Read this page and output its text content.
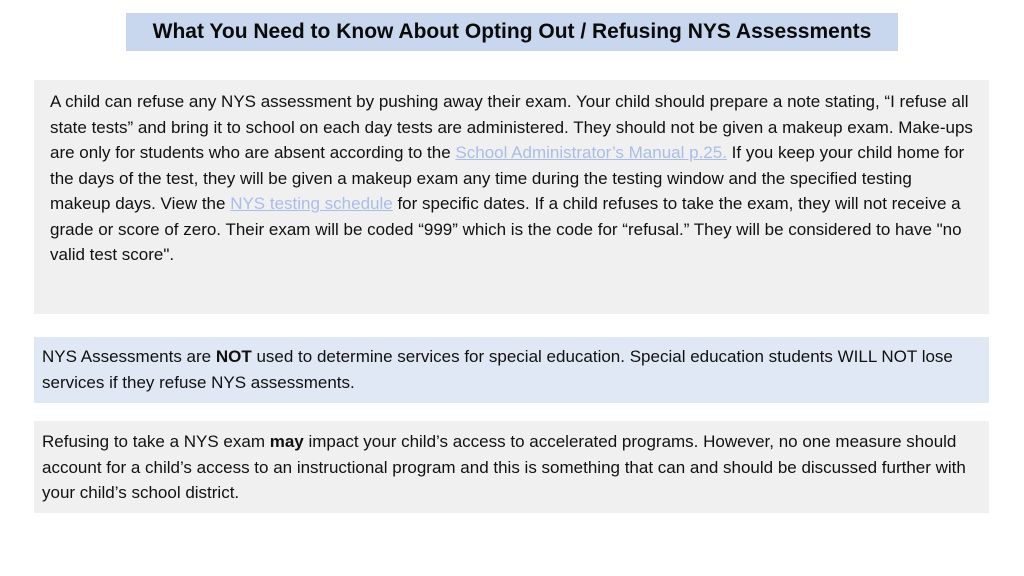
What You Need to Know About Opting Out / Refusing NYS Assessments
A child can refuse any NYS assessment by pushing away their exam. Your child should prepare a note stating, “I refuse all state tests” and bring it to school on each day tests are administered. They should not be given a makeup exam. Make-ups are only for students who are absent according to the School Administrator’s Manual p.25. If you keep your child home for the days of the test, they will be given a makeup exam any time during the testing window and the specified testing makeup days. View the NYS testing schedule for specific dates. If a child refuses to take the exam, they will not receive a grade or score of zero. Their exam will be coded “999” which is the code for “refusal.” They will be considered to have "no valid test score".
NYS Assessments are NOT used to determine services for special education. Special education students WILL NOT lose services if they refuse NYS assessments.
Refusing to take a NYS exam may impact your child’s access to accelerated programs. However, no one measure should account for a child’s access to an instructional program and this is something that can and should be discussed further with your child’s school district.
